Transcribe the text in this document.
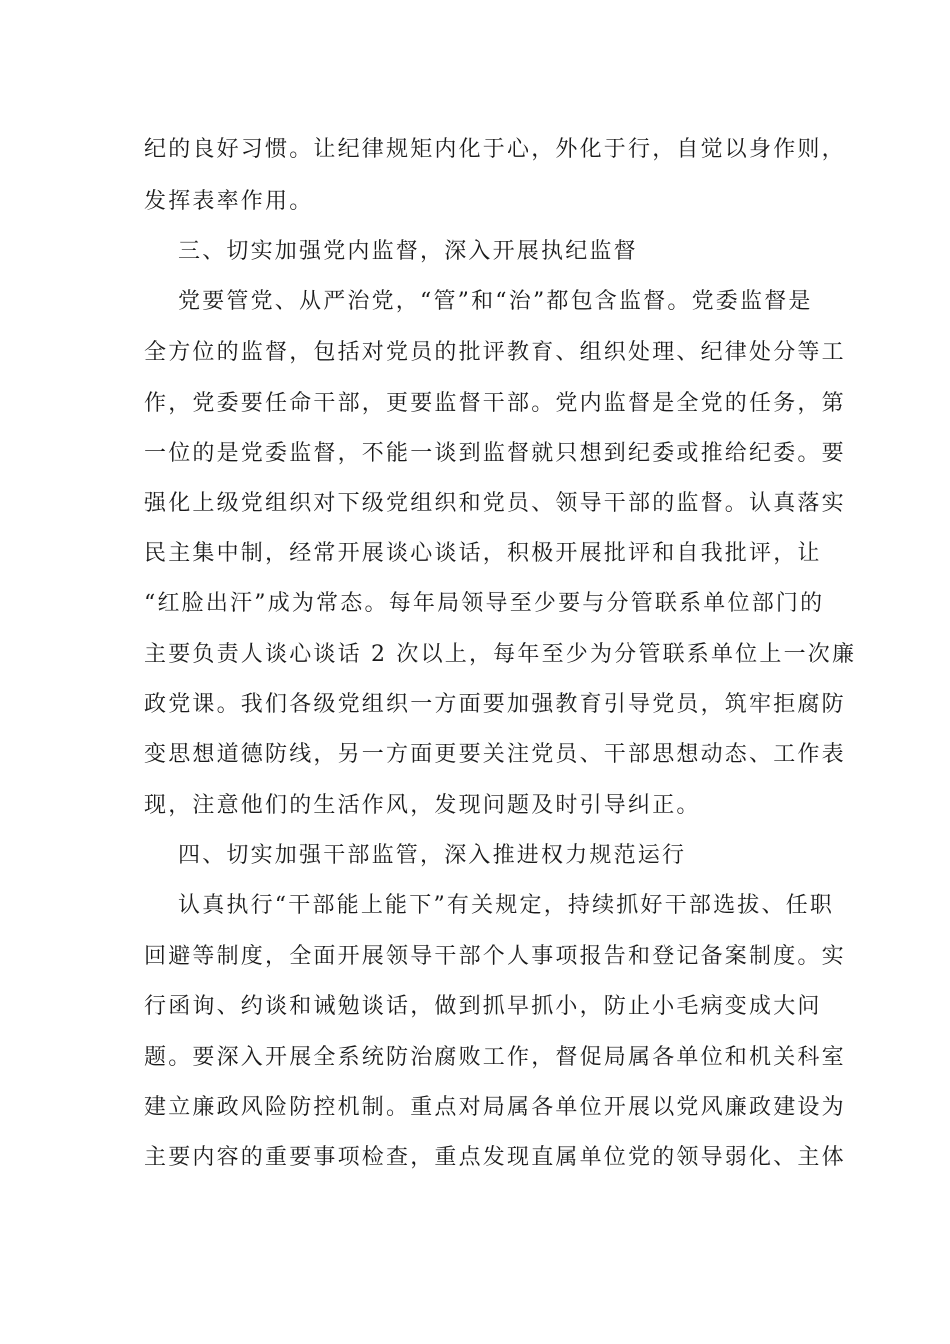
纪的良好习惯。让纪律规矩内化于心，外化于行，自觉以身作则，
发挥表率作用。
三、切实加强党内监督，深入开展执纪监督
党要管党、从严治党，“管”和“治”都包含监督。党委监督是
全方位的监督，包括对党员的批评教育、组织处理、纪律处分等工
作，党委要任命干部，更要监督干部。党内监督是全党的任务，第
一位的是党委监督，不能一谈到监督就只想到纪委或推给纪委。要
强化上级党组织对下级党组织和党员、领导干部的监督。认真落实
民主集中制，经常开展谈心谈话，积极开展批评和自我批评，让
“红脸出汗”成为常态。每年局领导至少要与分管联系单位部门的
主要负责人谈心谈话 2 次以上，每年至少为分管联系单位上一次廉
政党课。我们各级党组织一方面要加强教育引导党员，筑牢拒腐防
变思想道德防线，另一方面更要关注党员、干部思想动态、工作表
现，注意他们的生活作风，发现问题及时引导纠正。
四、切实加强干部监管，深入推进权力规范运行
认真执行“干部能上能下”有关规定，持续抓好干部选拔、任职
回避等制度，全面开展领导干部个人事项报告和登记备案制度。实
行函询、约谈和诫勉谈话，做到抓早抓小，防止小毛病变成大问
题。要深入开展全系统防治腐败工作，督促局属各单位和机关科室
建立廉政风险防控机制。重点对局属各单位开展以党风廉政建设为
主要内容的重要事项检查，重点发现直属单位党的领导弱化、主体
